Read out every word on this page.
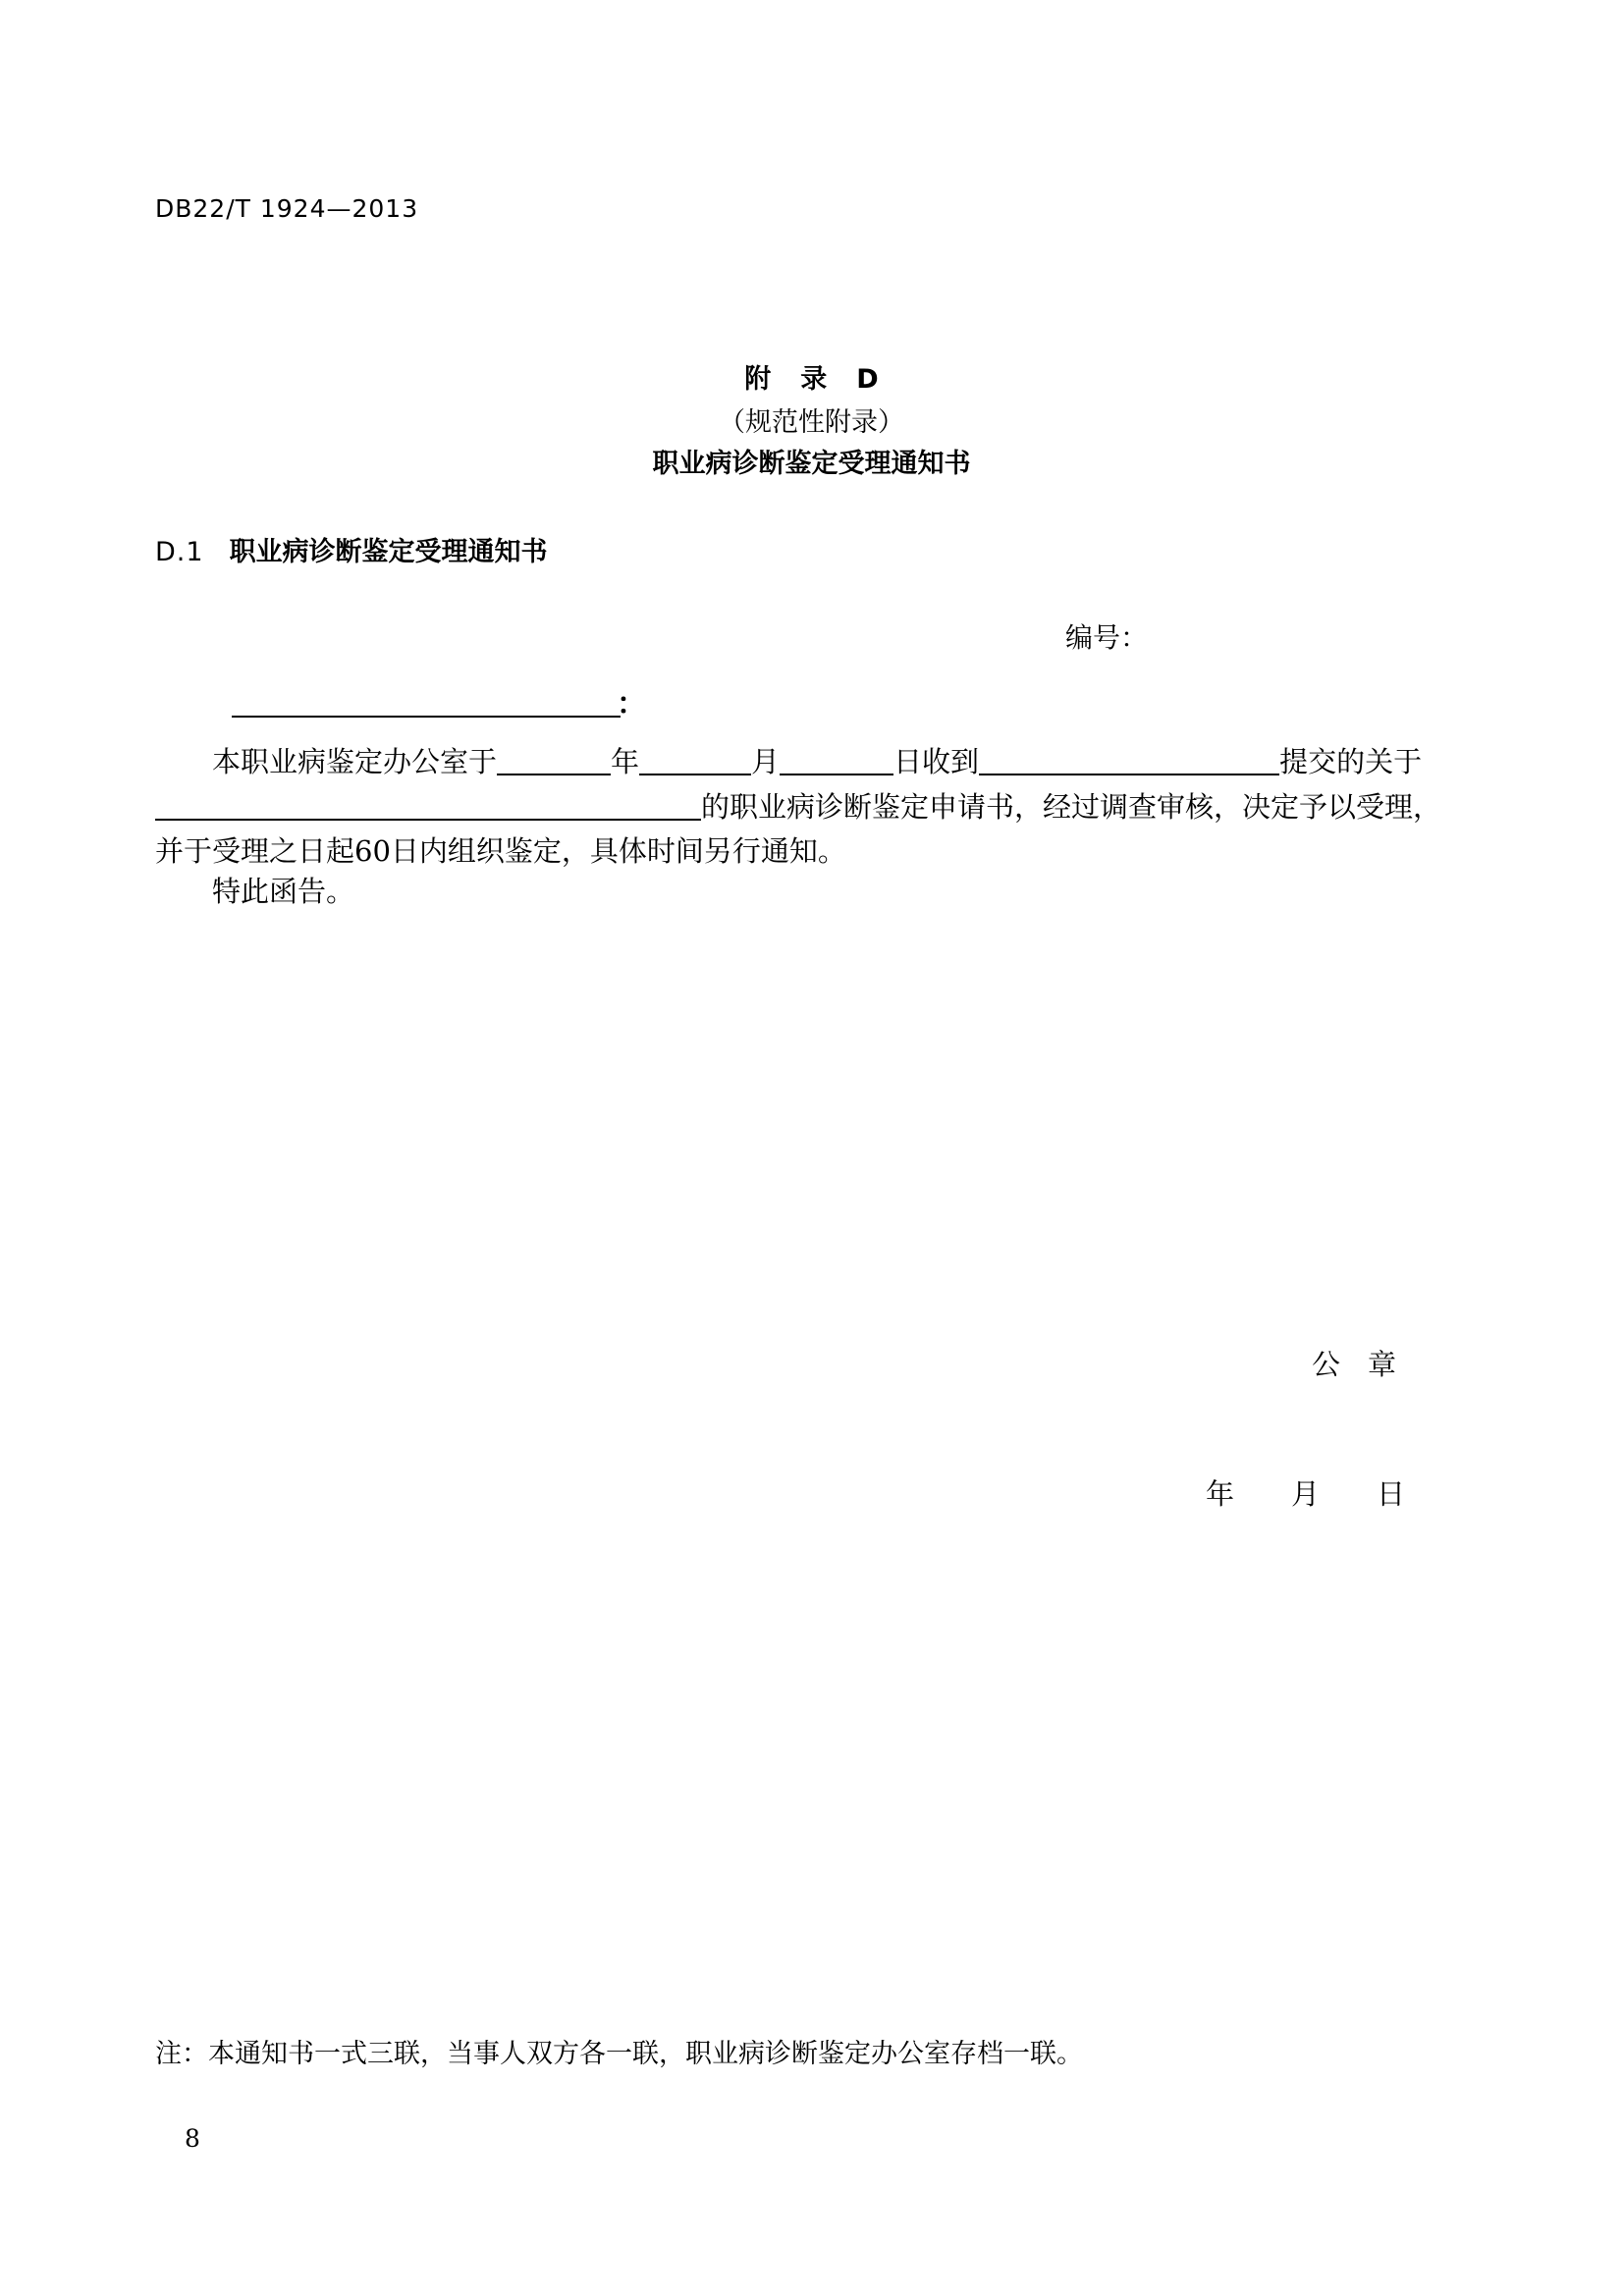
DB22/T 1924—2013
附 录 D
（规范性附录）
职业病诊断鉴定受理通知书
D.1 职业病诊断鉴定受理通知书
编号：
：
本职业病鉴定办公室于	年	月	日收到	提交的关于
的职业病诊断鉴定申请书，经过调查审核，决定予以受理，
并于受理之日起60日内组织鉴定，具体时间另行通知。
特此函告。
公 章
年 月 日
注：本通知书一式三联，当事人双方各一联，职业病诊断鉴定办公室存档一联。
8
